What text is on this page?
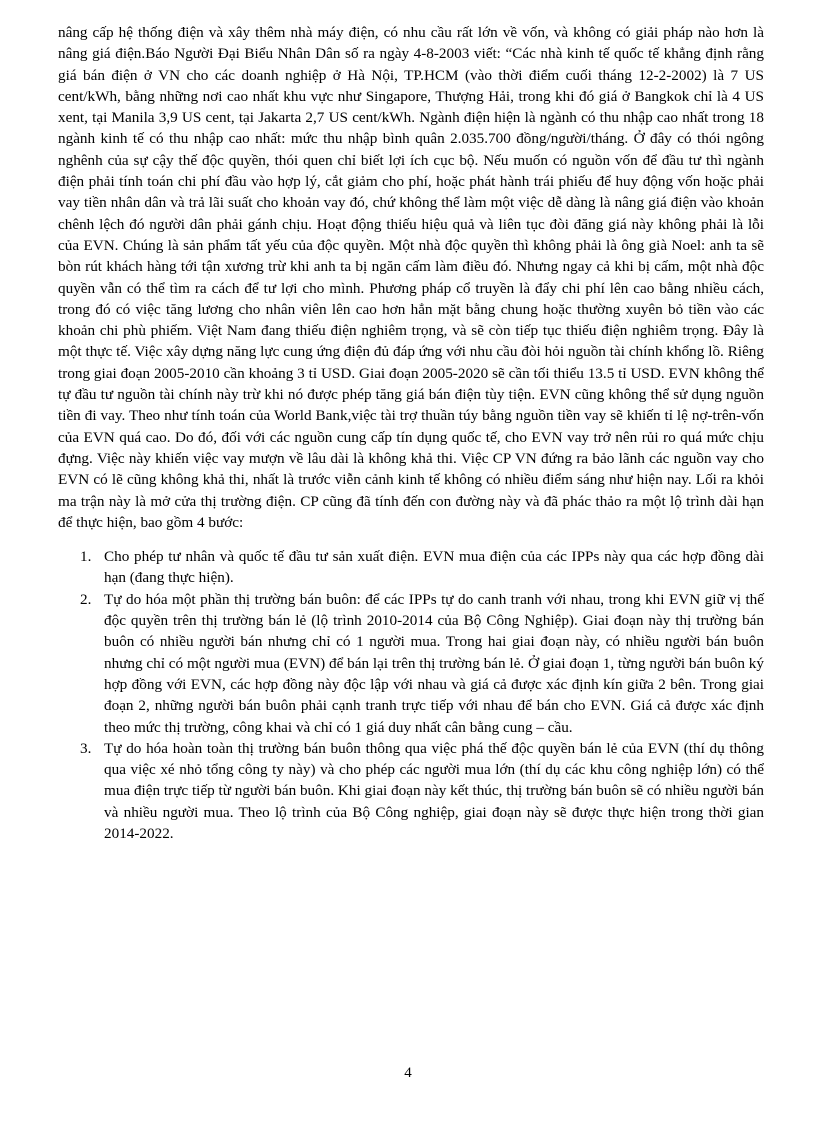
nâng cấp hệ thống điện và xây thêm nhà máy điện, có nhu cầu rất lớn về vốn, và không có giải pháp nào hơn là nâng giá điện.Báo Người Đại Biểu Nhân Dân số ra ngày 4-8-2003 viết: “Các nhà kinh tế quốc tế khẳng định rằng giá bán điện ở VN cho các doanh nghiệp ở Hà Nội, TP.HCM (vào thời điểm cuối tháng 12-2-2002) là 7 US cent/kWh, bằng những nơi cao nhất khu vực như Singapore, Thượng Hải, trong khi đó giá ở Bangkok chỉ là 4 US xent, tại Manila 3,9 US cent, tại Jakarta 2,7 US cent/kWh. Ngành điện hiện là ngành có thu nhập cao nhất trong 18 ngành kinh tế có thu nhập cao nhất: mức thu nhập bình quân 2.035.700 đồng/người/tháng. Ở đây có thói ngông nghênh của sự cậy thế độc quyền, thói quen chỉ biết lợi ích cục bộ. Nếu muốn có nguồn vốn để đầu tư thì ngành điện phải tính toán chi phí đầu vào hợp lý, cắt giảm cho phí, hoặc phát hành trái phiếu để huy động vốn hoặc phải vay tiền nhân dân và trả lãi suất cho khoản vay đó, chứ không thể làm một việc dễ dàng là nâng giá điện vào khoản chênh lệch đó người dân phải gánh chịu. Hoạt động thiếu hiệu quả và liên tục đòi đăng giá này không phải là lỗi của EVN. Chúng là sản phẩm tất yếu của độc quyền. Một nhà độc quyền thì không phải là ông già Noel: anh ta sẽ bòn rút khách hàng tới tận xương trừ khi anh ta bị ngăn cấm làm điều đó. Nhưng ngay cả khi bị cấm, một nhà độc quyền vẫn có thể tìm ra cách để tư lợi cho mình. Phương pháp cổ truyền là đẩy chi phí lên cao bằng nhiều cách, trong đó có việc tăng lương cho nhân viên lên cao hơn hẳn mặt bằng chung hoặc thường xuyên bỏ tiền vào các khoản chi phù phiếm. Việt Nam đang thiếu điện nghiêm trọng, và sẽ còn tiếp tục thiếu điện nghiêm trọng. Đây là một thực tế. Việc xây dựng năng lực cung ứng điện đủ đáp ứng với nhu cầu đòi hỏi nguồn tài chính khổng lồ. Riêng trong giai đoạn 2005-2010 cần khoảng 3 tỉ USD. Giai đoạn 2005-2020 sẽ cần tối thiểu 13.5 tỉ USD. EVN không thể tự đầu tư nguồn tài chính này trừ khi nó được phép tăng giá bán điện tùy tiện. EVN cũng không thể sử dụng nguồn tiền đi vay. Theo như tính toán của World Bank,việc tài trợ thuần túy bằng nguồn tiền vay sẽ khiến tỉ lệ nợ-trên-vốn của EVN quá cao. Do đó, đối với các nguồn cung cấp tín dụng quốc tế, cho EVN vay trở nên rủi ro quá mức chịu đựng. Việc này khiến việc vay mượn về lâu dài là không khả thi. Việc CP VN đứng ra bảo lãnh các nguồn vay cho EVN có lẽ cũng không khả thi, nhất là trước viễn cảnh kinh tế không có nhiều điểm sáng như hiện nay. Lối ra khỏi ma trận này là mở cửa thị trường điện. CP cũng đã tính đến con đường này và đã phác thảo ra một lộ trình dài hạn để thực hiện, bao gồm 4 bước:

1. Cho phép tư nhân và quốc tế đầu tư sản xuất điện. EVN mua điện của các IPPs này qua các hợp đồng dài hạn (đang thực hiện).
2. Tự do hóa một phần thị trường bán buôn: để các IPPs tự do canh tranh với nhau, trong khi EVN giữ vị thế độc quyền trên thị trường bán lẻ (lộ trình 2010-2014 của Bộ Công Nghiệp). Giai đoạn này thị trường bán buôn có nhiều người bán nhưng chỉ có 1 người mua. Trong hai giai đoạn này, có nhiều người bán buôn nhưng chỉ có một người mua (EVN) để bán lại trên thị trường bán lẻ. Ở giai đoạn 1, từng người bán buôn ký hợp đồng với EVN, các hợp đồng này độc lập với nhau và giá cả được xác định kín giữa 2 bên. Trong giai đoạn 2, những người bán buôn phải cạnh tranh trực tiếp với nhau để bán cho EVN. Giá cả được xác định theo mức thị trường, công khai và chỉ có 1 giá duy nhất cân bằng cung – cầu.
3. Tự do hóa hoàn toàn thị trường bán buôn thông qua việc phá thế độc quyền bán lẻ của EVN (thí dụ thông qua việc xé nhỏ tổng công ty này) và cho phép các người mua lớn (thí dụ các khu công nghiệp lớn) có thể mua điện trực tiếp từ người bán buôn. Khi giai đoạn này kết thúc, thị trường bán buôn sẽ có nhiều người bán và nhiều người mua. Theo lộ trình của Bộ Công nghiệp, giai đoạn này sẽ được thực hiện trong thời gian 2014-2022.
4
